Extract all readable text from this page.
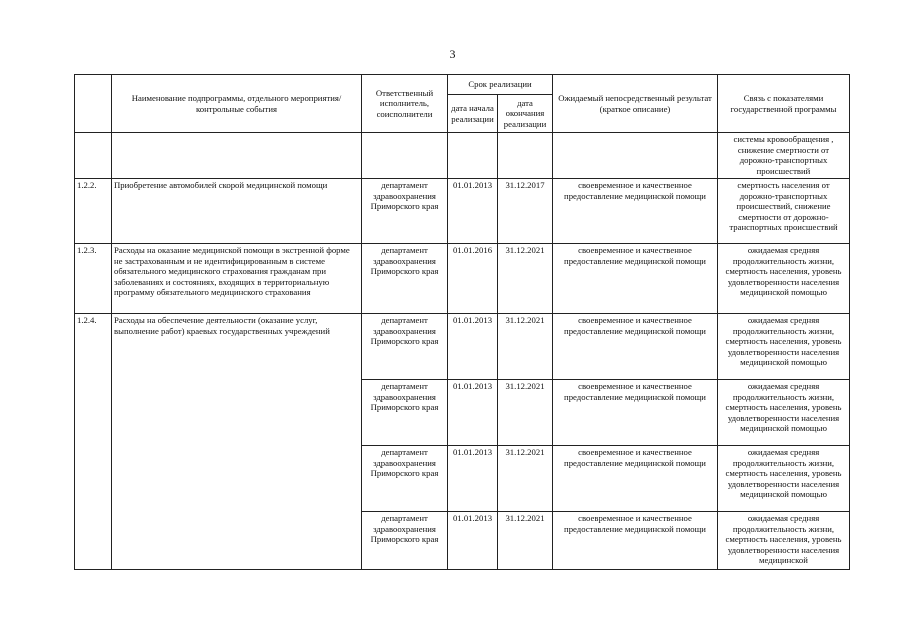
3
	Наименование подпрограммы, отдельного мероприятия/контрольные события	Ответственный исполнитель, соисполнители	Срок реализации		Ожидаемый непосредственный результат (краткое описание)	Связь с показателями государственной программы
			дата начала реализации	дата окончания реализации		
						системы кровообращения , снижение смертности от дорожно-транспортных происшествий
1.2.2.	Приобретение автомобилей скорой медицинской помощи	департамент здравоохранения Приморского края	01.01.2013	31.12.2017	своевременное и качественное предоставление медицинской помощи	смертность населения от дорожно-транспортных происшествий, снижение смертности от дорожно-транспортных происшествий
1.2.3.	Расходы на оказание медицинской помощи в экстренной форме не застрахованным и не идентифицированным в системе обязательного медицинского страхования гражданам при заболеваниях и состояниях, входящих в территориальную программу обязательного медицинского страхования	департамент здравоохранения Приморского края	01.01.2016	31.12.2021	своевременное и качественное предоставление медицинской помощи	ожидаемая средняя продолжительность жизни, смертность населения, уровень удовлетворенности населения медицинской помощью
1.2.4.	Расходы на обеспечение деятельности (оказание услуг, выполнение работ) краевых государственных учреждений	департамент здравоохранения Приморского края	01.01.2013	31.12.2021	своевременное и качественное предоставление медицинской помощи	ожидаемая средняя продолжительность жизни, смертность населения, уровень удовлетворенности населения медицинской помощью
		департамент здравоохранения Приморского края	01.01.2013	31.12.2021	своевременное и качественное предоставление медицинской помощи	ожидаемая средняя продолжительность жизни, смертность населения, уровень удовлетворенности населения медицинской помощью
		департамент здравоохранения Приморского края	01.01.2013	31.12.2021	своевременное и качественное предоставление медицинской помощи	ожидаемая средняя продолжительность жизни, смертность населения, уровень удовлетворенности населения медицинской помощью
		департамент здравоохранения Приморского края	01.01.2013	31.12.2021	своевременное и качественное предоставление медицинской помощи	ожидаемая средняя продолжительность жизни, смертность населения, уровень удовлетворенности населения медицинской
